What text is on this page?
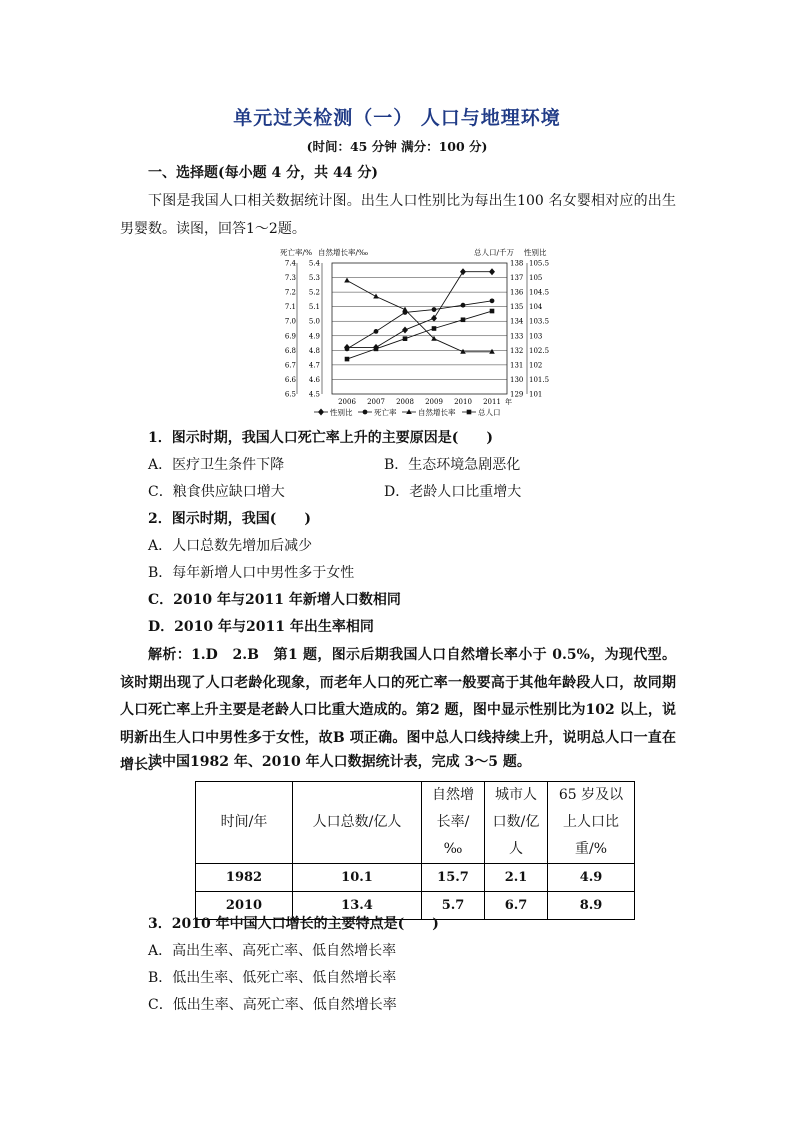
单元过关检测（一） 人口与地理环境
(时间：45 分钟 满分：100 分)
一、选择题(每小题 4 分，共 44 分)
下图是我国人口相关数据统计图。出生人口性别比为每出生100 名女婴相对应的出生男婴数。读图，回答1～2题。
死亡率/% 自然增长率/‰	总人口/千万 性别比
7.4 5.4	138 105.5
7.3 5.3	137 105
7.2 5.2	136 104.5
7.1 5.1	135 104
7.0 5.0	134 103.5
6.9 4.9	133 103
6.8 4.8	132 102.5
6.7 4.7	131 102
6.6 4.6	130 101.5
6.5 4.5	129 101
2006 2007 2008 2009 2010 2011 年
性别比	死亡率	自然增长率	总人口
1．图示时期，我国人口死亡率上升的主要原因是(　　)
A．医疗卫生条件下降	B．生态环境急剧恶化
C．粮食供应缺口增大	D．老龄人口比重增大
2．图示时期，我国(　　)
A．人口总数先增加后减少
B．每年新增人口中男性多于女性
C．2010 年与2011 年新增人口数相同
D．2010 年与2011 年出生率相同
解析：1.D　2.B　第1 题，图示后期我国人口自然增长率小于 0.5%，为现代型。该时期出现了人口老龄化现象，而老年人口的死亡率一般要高于其他年龄段人口，故同期人口死亡率上升主要是老龄人口比重大造成的。第2 题，图中显示性别比为102 以上，说明新出生人口中男性多于女性，故B 项正确。图中总人口线持续上升，说明总人口一直在增长。
读中国1982 年、2010 年人口数据统计表，完成 3～5 题。
时间/年	人口总数/亿人	自然增长率/‰	城市人口数/亿人	65 岁及以上人口比重/%
1982	10.1	15.7	2.1	4.9
2010	13.4	5.7	6.7	8.9
3．2010 年中国人口增长的主要特点是(　　)
A．高出生率、高死亡率、低自然增长率
B．低出生率、低死亡率、低自然增长率
C．低出生率、高死亡率、低自然增长率
